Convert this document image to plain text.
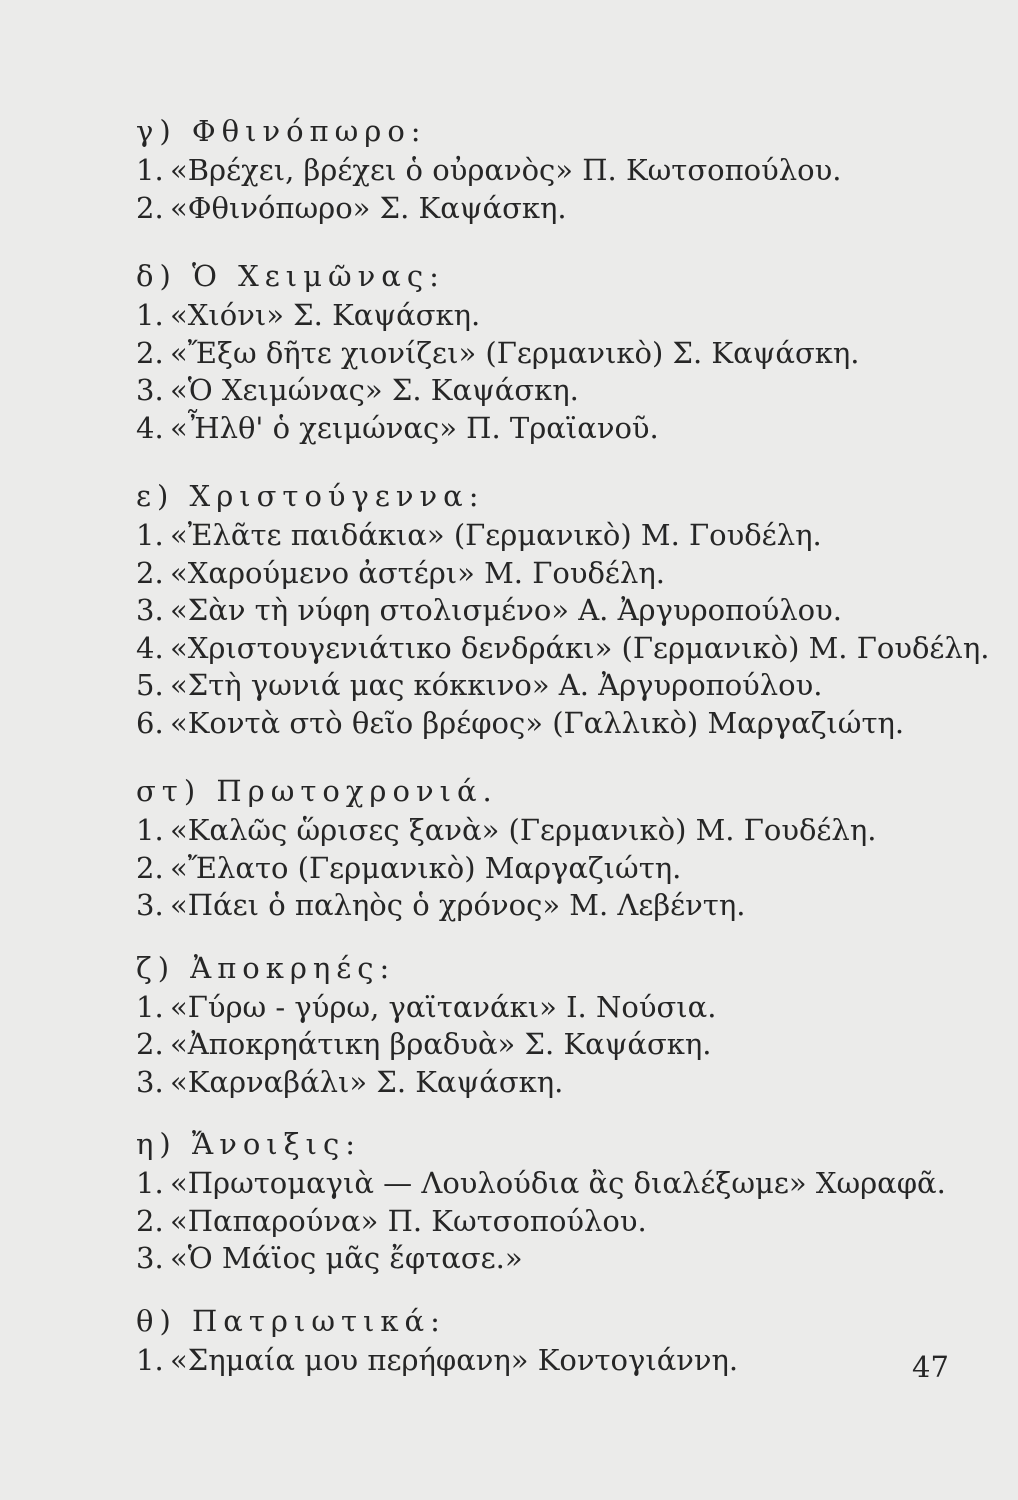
γ) Φθινόπωρο:
1. «Βρέχει, βρέχει ὁ οὐρανὸς» Π. Κωτσοπούλου.
2. «Φθινόπωρο» Σ. Καψάσκη.
δ) Ὁ Χειμῶνας:
1. «Χιόνι» Σ. Καψάσκη.
2. «Ἔξω δῆτε χιονίζει» (Γερμανικὸ) Σ. Καψάσκη.
3. «Ὁ Χειμώνας» Σ. Καψάσκη.
4. «Ἦλθ' ὁ χειμώνας» Π. Τραϊανοῦ.
ε) Χριστούγεννα:
1. «Ἐλᾶτε παιδάκια» (Γερμανικὸ) Μ. Γουδέλη.
2. «Χαρούμενο ἀστέρι» Μ. Γουδέλη.
3. «Σὰν τὴ νύφη στολισμένο» Α. Ἀργυροπούλου.
4. «Χριστουγενιάτικο δενδράκι» (Γερμανικὸ) Μ. Γουδέλη.
5. «Στὴ γωνιά μας κόκκινο» Α. Ἀργυροπούλου.
6. «Κοντὰ στὸ θεῖο βρέφος» (Γαλλικὸ) Μαργαζιώτη.
στ) Πρωτοχρονιά.
1. «Καλῶς ὥρισες ξανὰ» (Γερμανικὸ) Μ. Γουδέλη.
2. «Ἔλατο (Γερμανικὸ) Μαργαζιώτη.
3. «Πάει ὁ παληὸς ὁ χρόνος» Μ. Λεβέντη.
ζ) Ἀποκρηές:
1. «Γύρω - γύρω, γαϊτανάκι» Ι. Νούσια.
2. «Ἀποκρηάτικη βραδυὰ» Σ. Καψάσκη.
3. «Καρναβάλι» Σ. Καψάσκη.
η) Ἄνοιξις:
1. «Πρωτομαγιὰ — Λουλούδια ἂς διαλέξωμε» Χωραφᾶ.
2. «Παπαρούνα» Π. Κωτσοπούλου.
3. «Ὁ Μάϊος μᾶς ἔφτασε.»
θ) Πατριωτικά:
1. «Σημαία μου περήφανη» Κοντογιάννη.	47
